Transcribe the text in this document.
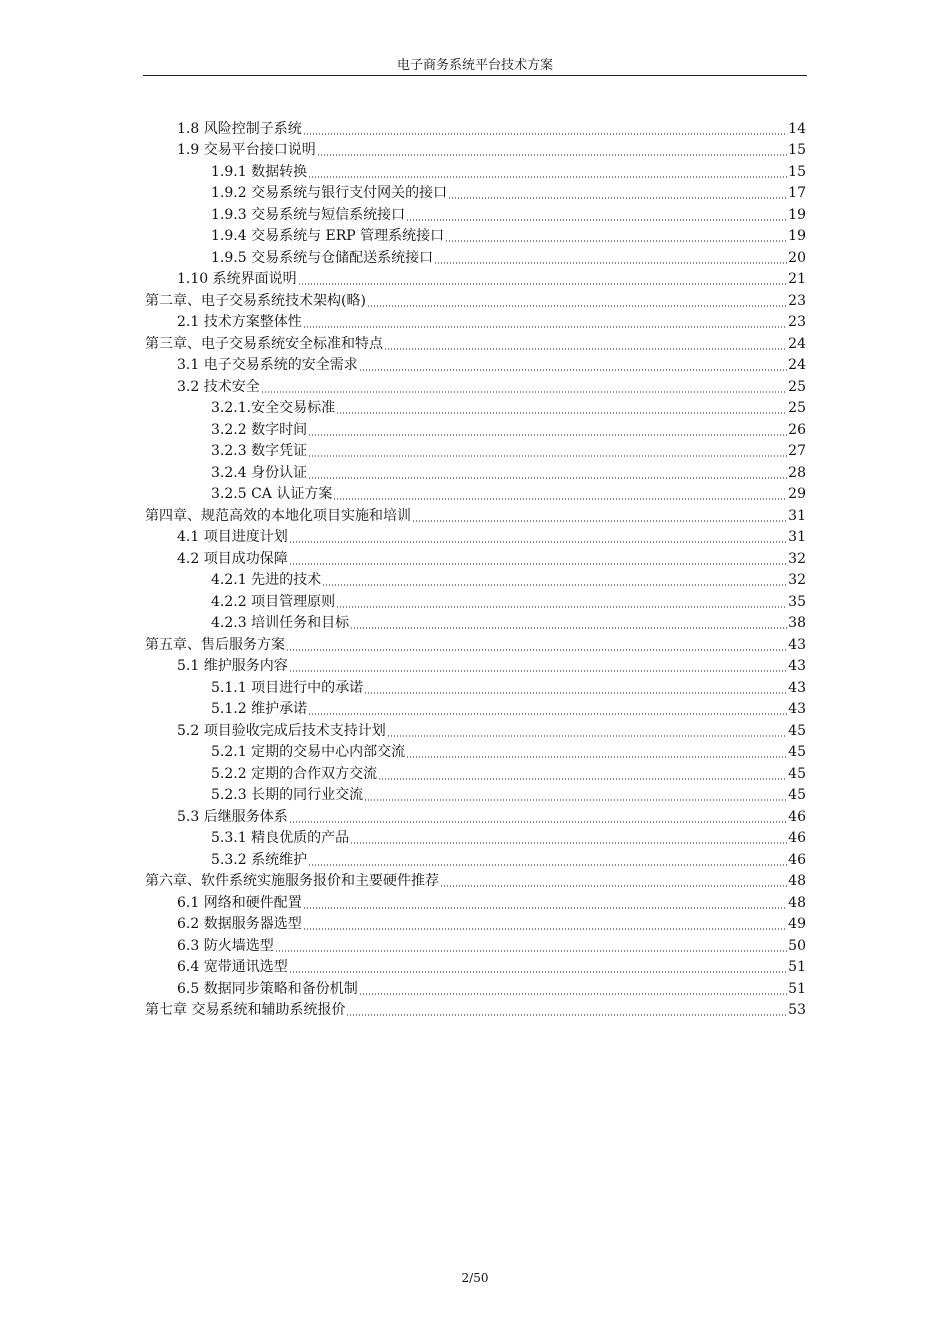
电子商务系统平台技术方案
1.8 风险控制子系统	14
1.9 交易平台接口说明	15
1.9.1 数据转换	15
1.9.2 交易系统与银行支付网关的接口	17
1.9.3 交易系统与短信系统接口	19
1.9.4 交易系统与 ERP 管理系统接口	19
1.9.5 交易系统与仓储配送系统接口	20
1.10 系统界面说明	21
第二章、电子交易系统技术架构(略)	23
2.1 技术方案整体性	23
第三章、电子交易系统安全标准和特点	24
3.1 电子交易系统的安全需求	24
3.2 技术安全	25
3.2.1.安全交易标准	25
3.2.2 数字时间	26
3.2.3 数字凭证	27
3.2.4 身份认证	28
3.2.5 CA 认证方案	29
第四章、规范高效的本地化项目实施和培训	31
4.1 项目进度计划	31
4.2 项目成功保障	32
4.2.1 先进的技术	32
4.2.2 项目管理原则	35
4.2.3 培训任务和目标	38
第五章、售后服务方案	43
5.1 维护服务内容	43
5.1.1 项目进行中的承诺	43
5.1.2 维护承诺	43
5.2 项目验收完成后技术支持计划	45
5.2.1 定期的交易中心内部交流	45
5.2.2 定期的合作双方交流	45
5.2.3 长期的同行业交流	45
5.3 后继服务体系	46
5.3.1 精良优质的产品	46
5.3.2 系统维护	46
第六章、软件系统实施服务报价和主要硬件推荐	48
6.1 网络和硬件配置	48
6.2 数据服务器选型	49
6.3 防火墙选型	50
6.4 宽带通讯选型	51
6.5 数据同步策略和备份机制	51
第七章 交易系统和辅助系统报价	53
2/50
